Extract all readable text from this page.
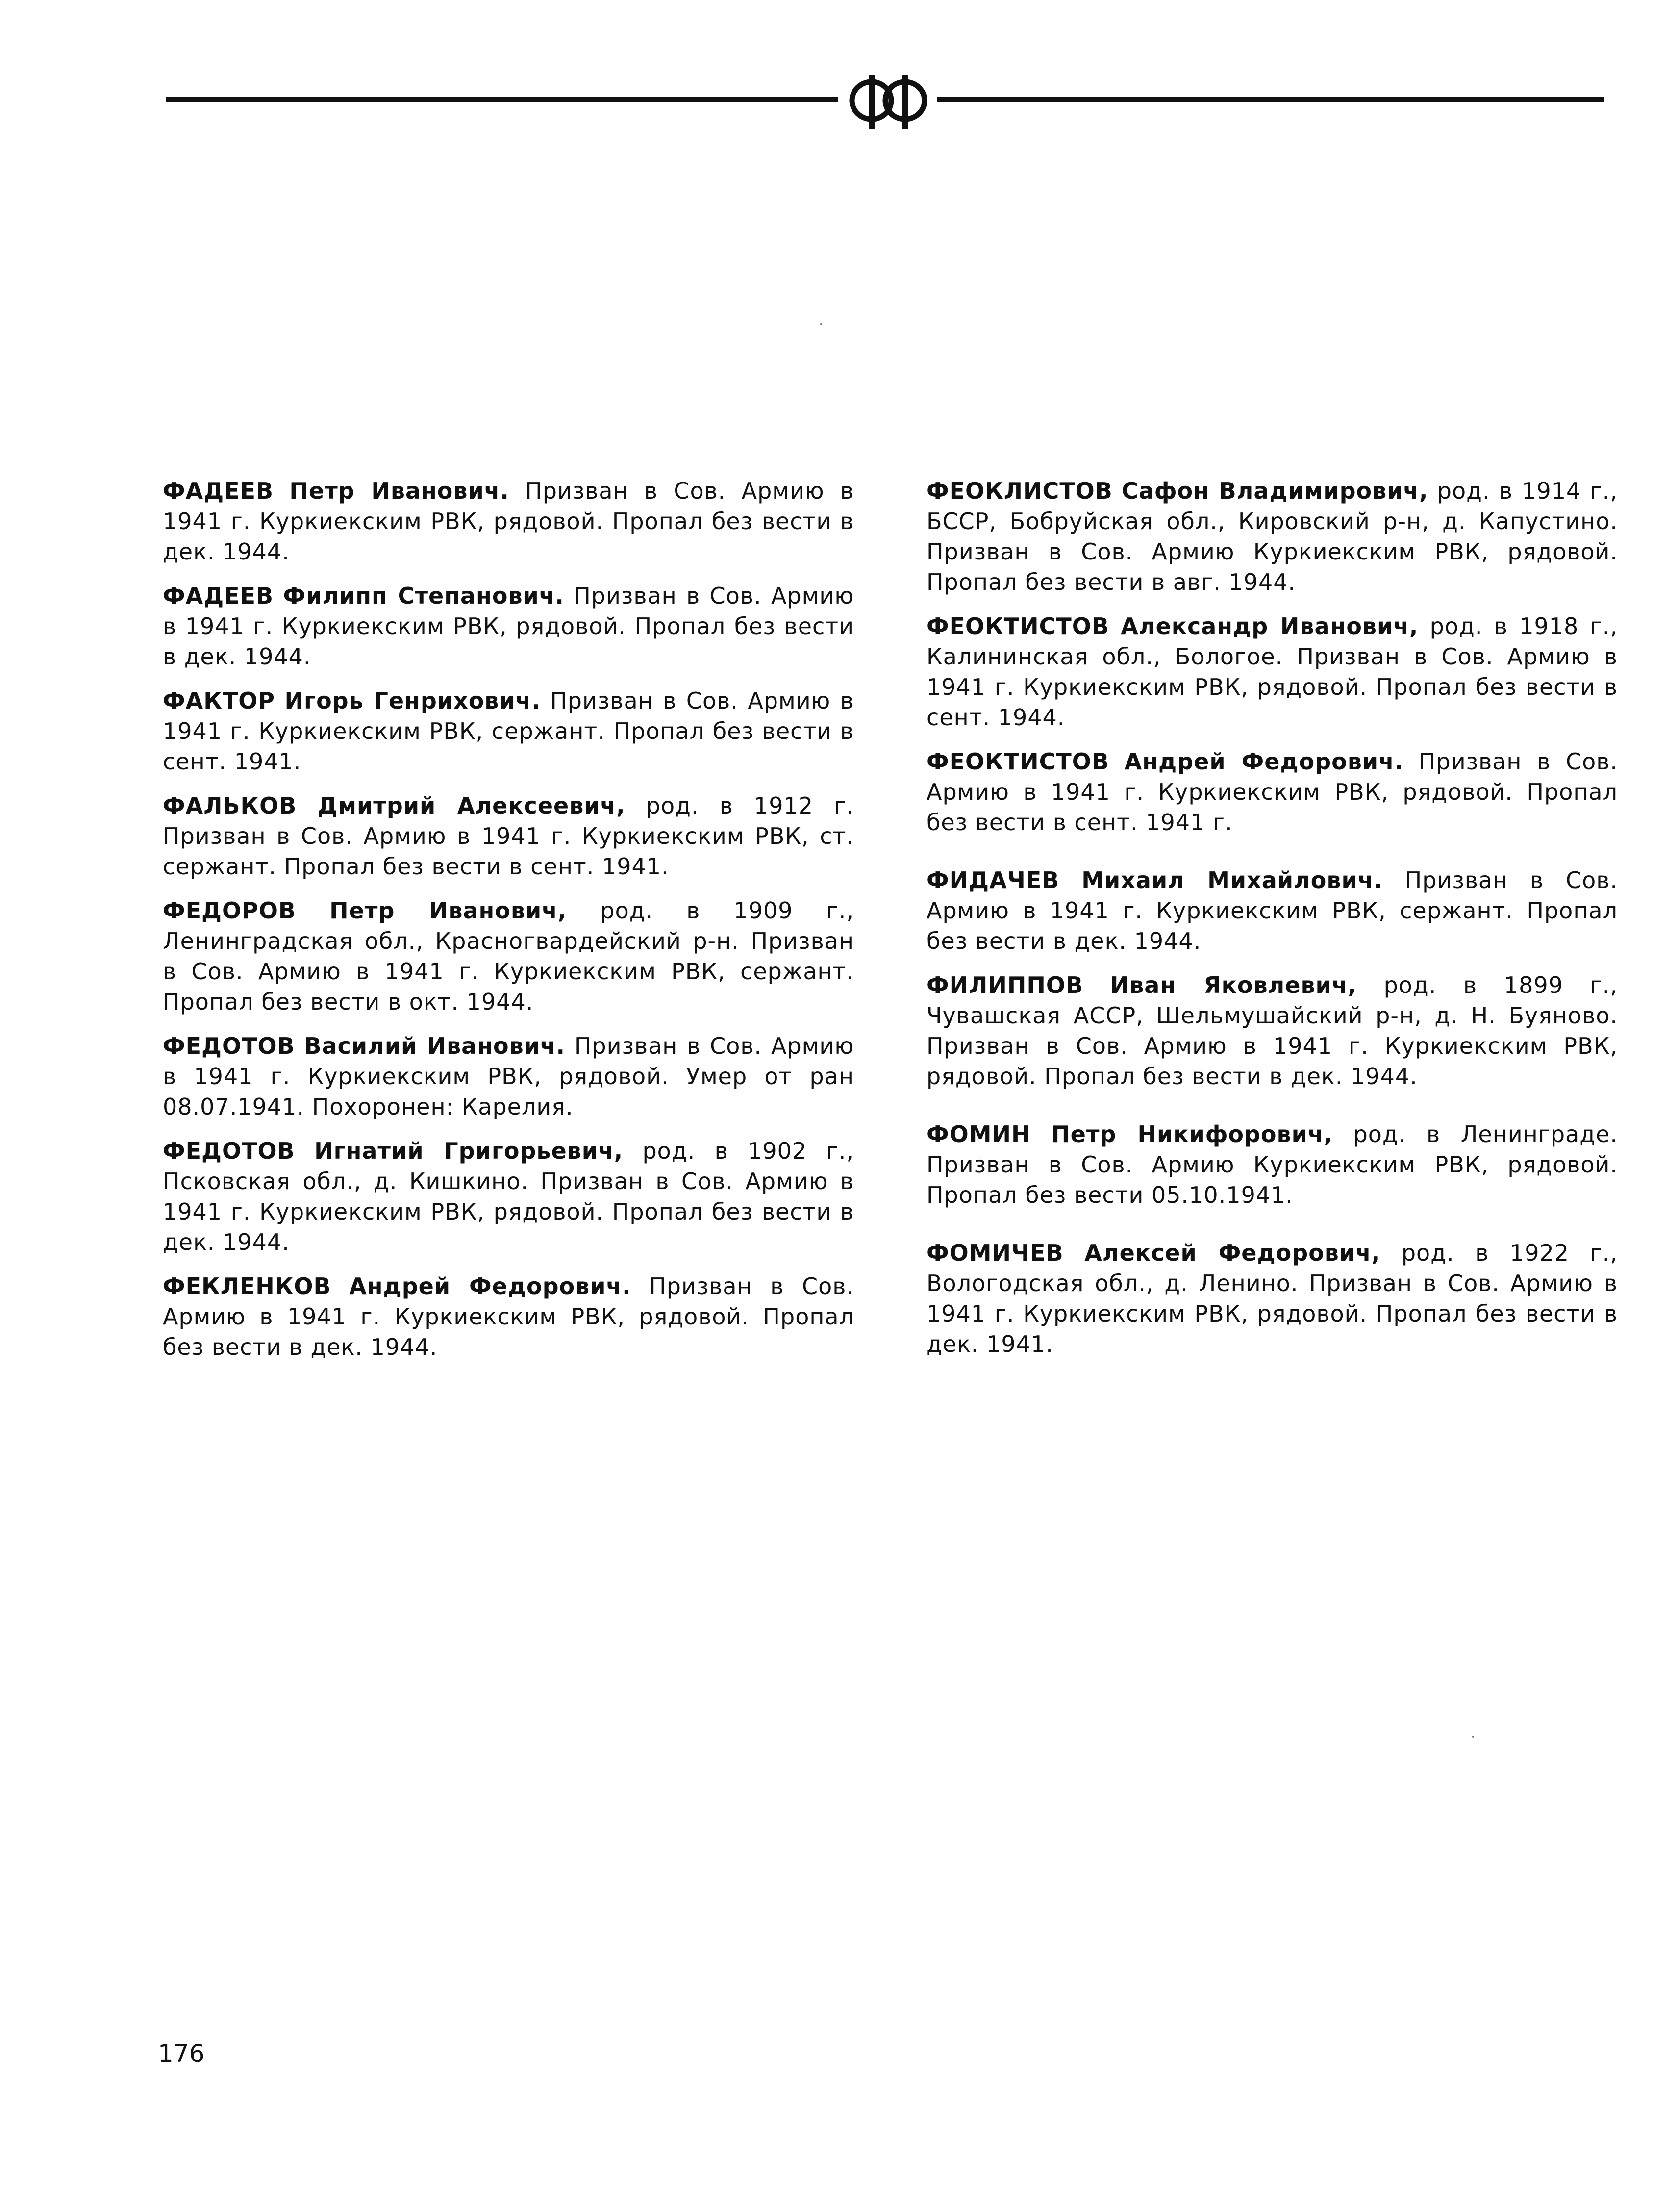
ФАДЕЕВ Петр Иванович. Призван в Сов. Армию в 1941 г. Куркиекским РВК, рядовой. Пропал без вести в дек. 1944.

ФАДЕЕВ Филипп Степанович. Призван в Сов. Армию в 1941 г. Куркиекским РВК, рядовой. Пропал без вести в дек. 1944.

ФАКТОР Игорь Генрихович. Призван в Сов. Армию в 1941 г. Куркиекским РВК, сержант. Пропал без вести в сент. 1941.

ФАЛЬКОВ Дмитрий Алексеевич, род. в 1912 г. Призван в Сов. Армию в 1941 г. Куркиекским РВК, ст. сержант. Пропал без вести в сент. 1941.

ФЕДОРОВ Петр Иванович, род. в 1909 г., Ленинградская обл., Красногвардейский р-н. Призван в Сов. Армию в 1941 г. Куркиекским РВК, сержант. Пропал без вести в окт. 1944.

ФЕДОТОВ Василий Иванович. Призван в Сов. Армию в 1941 г. Куркиекским РВК, рядовой. Умер от ран 08.07.1941. Похоронен: Карелия.

ФЕДОТОВ Игнатий Григорьевич, род. в 1902 г., Псковская обл., д. Кишкино. Призван в Сов. Армию в 1941 г. Куркиекским РВК, рядовой. Пропал без вести в дек. 1944.

ФЕКЛЕНКОВ Андрей Федорович. Призван в Сов. Армию в 1941 г. Куркиекским РВК, рядовой. Пропал без вести в дек. 1944.

ФЕОКЛИСТОВ Сафон Владимирович, род. в 1914 г., БССР, Бобруйская обл., Кировский р-н, д. Капустино. Призван в Сов. Армию Куркиекским РВК, рядовой. Пропал без вести в авг. 1944.

ФЕОКТИСТОВ Александр Иванович, род. в 1918 г., Калининская обл., Бологое. Призван в Сов. Армию в 1941 г. Куркиекским РВК, рядовой. Пропал без вести в сент. 1944.

ФЕОКТИСТОВ Андрей Федорович. Призван в Сов. Армию в 1941 г. Куркиекским РВК, рядовой. Пропал без вести в сент. 1941 г.

ФИДАЧЕВ Михаил Михайлович. Призван в Сов. Армию в 1941 г. Куркиекским РВК, сержант. Пропал без вести в дек. 1944.

ФИЛИППОВ Иван Яковлевич, род. в 1899 г., Чувашская АССР, Шельмушайский р-н, д. Н. Буяново. Призван в Сов. Армию в 1941 г. Куркиекским РВК, рядовой. Пропал без вести в дек. 1944.

ФОМИН Петр Никифорович, род. в Ленинграде. Призван в Сов. Армию Куркиекским РВК, рядовой. Пропал без вести 05.10.1941.

ФОМИЧЕВ Алексей Федорович, род. в 1922 г., Вологодская обл., д. Ленино. Призван в Сов. Армию в 1941 г. Куркиекским РВК, рядовой. Пропал без вести в дек. 1941.

176
